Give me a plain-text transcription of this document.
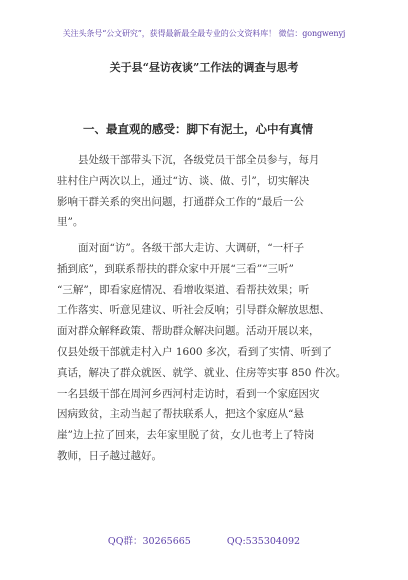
关注头条号“公文研究”，获得最新最全最专业的公文资料库！ 微信：gongwenyj
关于县“昼访夜谈”工作法的调查与思考
一、最直观的感受：脚下有泥土，心中有真情
　　县处级干部带头下沉，各级党员干部全员参与，每月
驻村住户两次以上，通过“访、谈、做、引”，切实解决
影响干群关系的突出问题，打通群众工作的“最后一公
里”。
　　面对面“访”。各级干部大走访、大调研，“一杆子
插到底”，到联系帮扶的群众家中开展“三看”“三听”
“三解”，即看家庭情况、看增收渠道、看帮扶效果；听
工作落实、听意见建议、听社会反响；引导群众解放思想、
面对群众解释政策、帮助群众解决问题。活动开展以来，
仅县处级干部就走村入户 1600 多次，看到了实情、听到了
真话，解决了群众就医、就学、就业、住房等实事 850 件次。
一名县级干部在周河乡西河村走访时，看到一个家庭因灾
因病致贫，主动当起了帮扶联系人，把这个家庭从“悬
崖”边上拉了回来，去年家里脱了贫，女儿也考上了特岗
教师，日子越过越好。
QQ群：30265665	QQ:535304092
